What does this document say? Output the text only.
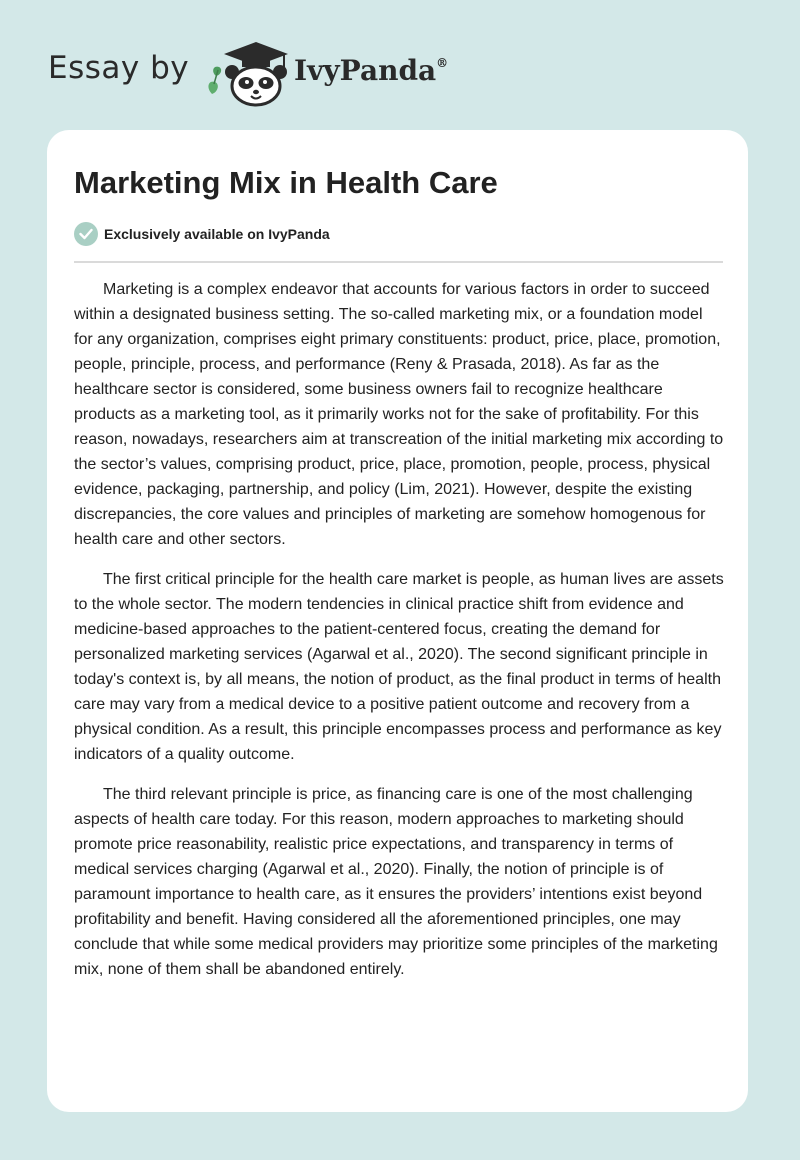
Essay by	IvyPanda®
Marketing Mix in Health Care
Exclusively available on IvyPanda

Marketing is a complex endeavor that accounts for various factors in order to succeed within a designated business setting. The so-called marketing mix, or a foundation model for any organization, comprises eight primary constituents: product, price, place, promotion, people, principle, process, and performance (Reny & Prasada, 2018). As far as the healthcare sector is considered, some business owners fail to recognize healthcare products as a marketing tool, as it primarily works not for the sake of profitability. For this reason, nowadays, researchers aim at transcreation of the initial marketing mix according to the sector’s values, comprising product, price, place, promotion, people, process, physical evidence, packaging, partnership, and policy (Lim, 2021). However, despite the existing discrepancies, the core values and principles of marketing are somehow homogenous for health care and other sectors.

The first critical principle for the health care market is people, as human lives are assets to the whole sector. The modern tendencies in clinical practice shift from evidence and medicine-based approaches to the patient-centered focus, creating the demand for personalized marketing services (Agarwal et al., 2020). The second significant principle in today's context is, by all means, the notion of product, as the final product in terms of health care may vary from a medical device to a positive patient outcome and recovery from a physical condition. As a result, this principle encompasses process and performance as key indicators of a quality outcome.

The third relevant principle is price, as financing care is one of the most challenging aspects of health care today. For this reason, modern approaches to marketing should promote price reasonability, realistic price expectations, and transparency in terms of medical services charging (Agarwal et al., 2020). Finally, the notion of principle is of paramount importance to health care, as it ensures the providers’ intentions exist beyond profitability and benefit. Having considered all the aforementioned principles, one may conclude that while some medical providers may prioritize some principles of the marketing mix, none of them shall be abandoned entirely.
